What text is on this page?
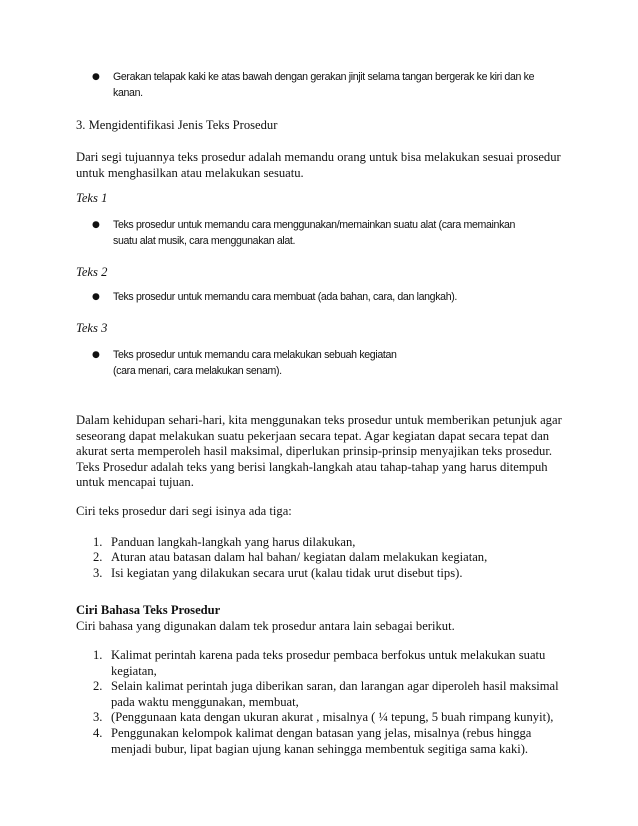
● Gerakan telapak kaki ke atas bawah dengan gerakan jinjit selama tangan bergerak ke kiri dan ke
kanan.
3. Mengidentifikasi Jenis Teks Prosedur
Dari segi tujuannya teks prosedur adalah memandu orang untuk bisa melakukan sesuai prosedur
untuk menghasilkan atau melakukan sesuatu.
Teks 1
● Teks prosedur untuk memandu cara menggunakan/memainkan suatu alat (cara memainkan
suatu alat musik, cara menggunakan alat.
Teks 2
● Teks prosedur untuk memandu cara membuat (ada bahan, cara, dan langkah).
Teks 3
● Teks prosedur untuk memandu cara melakukan sebuah kegiatan
(cara menari, cara melakukan senam).
Dalam kehidupan sehari-hari, kita menggunakan teks prosedur untuk memberikan petunjuk agar
seseorang dapat melakukan suatu pekerjaan secara tepat. Agar kegiatan dapat secara tepat dan
akurat serta memperoleh hasil maksimal, diperlukan prinsip-prinsip menyajikan teks prosedur.
Teks Prosedur adalah teks yang berisi langkah-langkah atau tahap-tahap yang harus ditempuh
untuk mencapai tujuan.
Ciri teks prosedur dari segi isinya ada tiga:
1. Panduan langkah-langkah yang harus dilakukan,
2. Aturan atau batasan dalam hal bahan/ kegiatan dalam melakukan kegiatan,
3. Isi kegiatan yang dilakukan secara urut (kalau tidak urut disebut tips).
Ciri Bahasa Teks Prosedur
Ciri bahasa yang digunakan dalam tek prosedur antara lain sebagai berikut.
1. Kalimat perintah karena pada teks prosedur pembaca berfokus untuk melakukan suatu
kegiatan,
2. Selain kalimat perintah juga diberikan saran, dan larangan agar diperoleh hasil maksimal
pada waktu menggunakan, membuat,
3. (Penggunaan kata dengan ukuran akurat , misalnya ( ¼ tepung, 5 buah rimpang kunyit),
4. Penggunakan kelompok kalimat dengan batasan yang jelas, misalnya (rebus hingga
menjadi bubur, lipat bagian ujung kanan sehingga membentuk segitiga sama kaki).
